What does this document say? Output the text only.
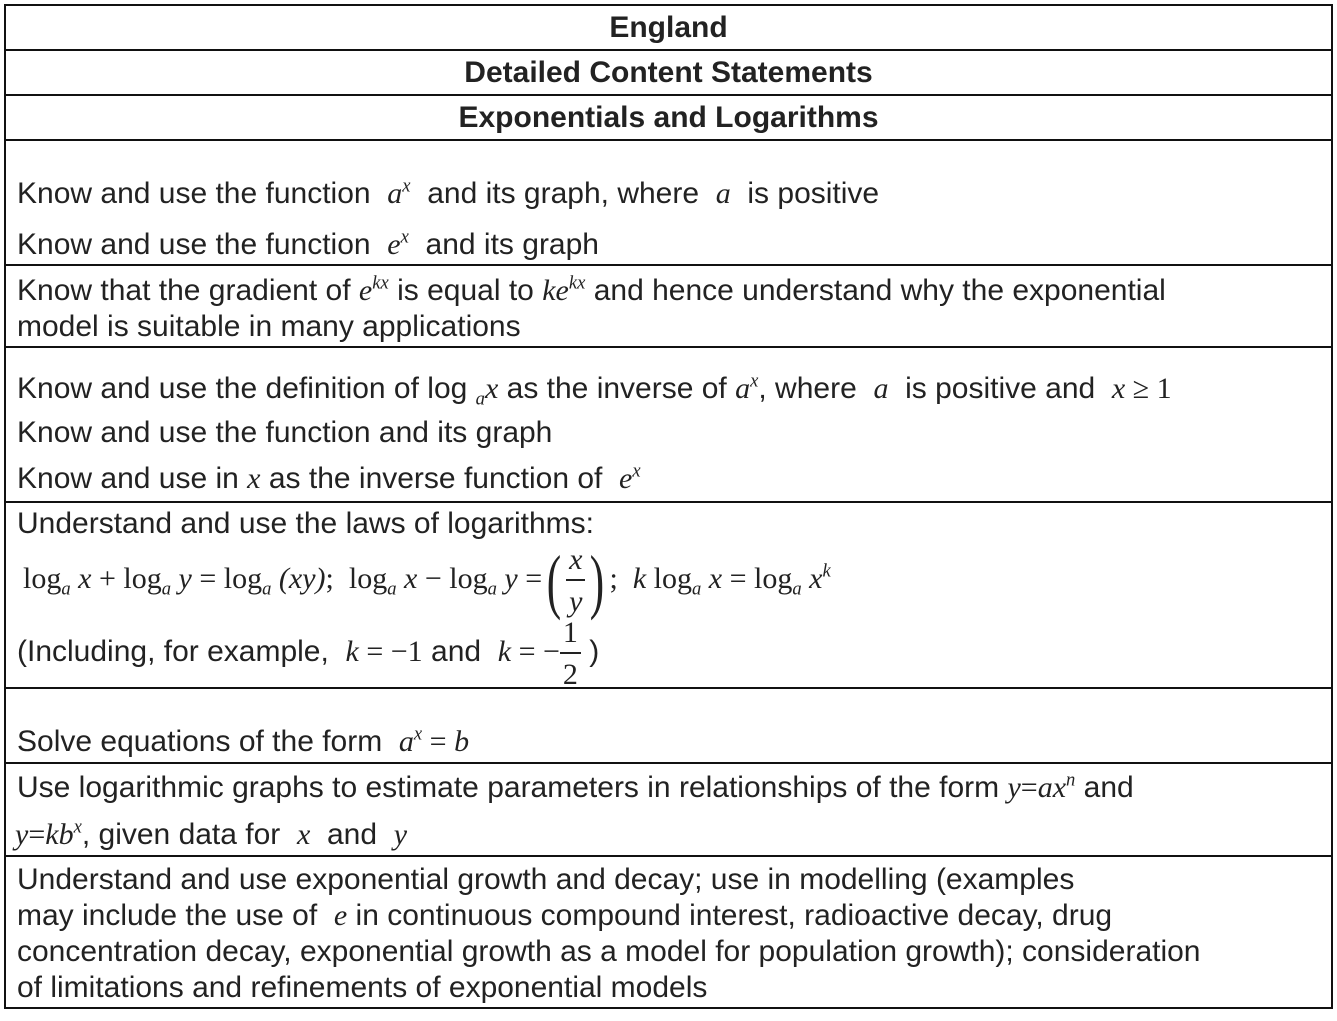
England

Detailed Content Statements

Exponentials and Logarithms

Know and use the function $a^x$ and its graph, where a is positive
Know and use the function $e^x$ and its graph

Know that the gradient of $e^{kx}$ is equal to $ke^{kx}$ and hence understand why the exponential
model is suitable in many applications

Know and use the definition of log $_a$x as the inverse of $a^x$, where a is positive and x ≥ 1
Know and use the function and its graph
Know and use in x as the inverse function of $e^x$

Understand and use the laws of logarithms:
$\log_a x + \log_a y = \log_a (xy)$;  $\log_a x - \log_a y$ =( $\frac{x}{y}$ ) ;  k $\log_a x = \log_a x^k$
(Including, for example, k = −1 and k = − $\frac{1}{2}$ )

Solve equations of the form $a^x = b$

Use logarithmic graphs to estimate parameters in relationships of the form $y=ax^n$ and
$y=kb^x$, given data for x and y

Understand and use exponential growth and decay; use in modelling (examples
may include the use of e in continuous compound interest, radioactive decay, drug
concentration decay, exponential growth as a model for population growth); consideration
of limitations and refinements of exponential models
